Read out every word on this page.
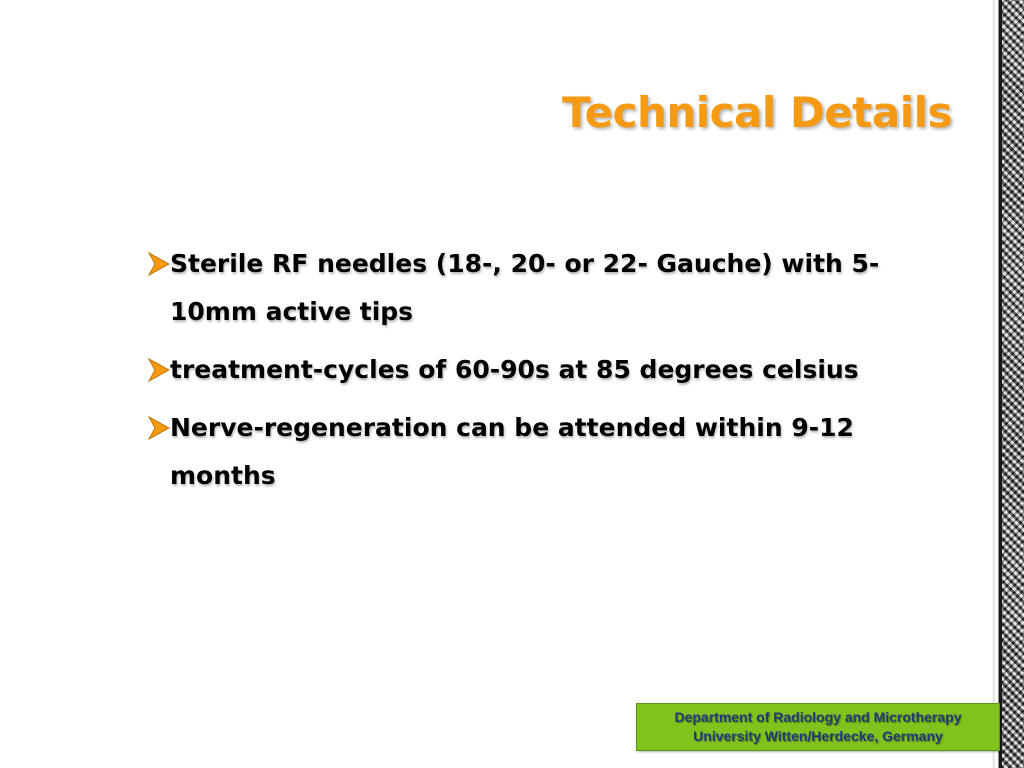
Technical Details
Sterile RF needles (18-, 20- or 22- Gauche) with 5-10mm active tips
treatment-cycles of 60-90s at 85 degrees celsius
Nerve-regeneration can be attended within 9-12 months
Department of Radiology and Microtherapy
University Witten/Herdecke, Germany
